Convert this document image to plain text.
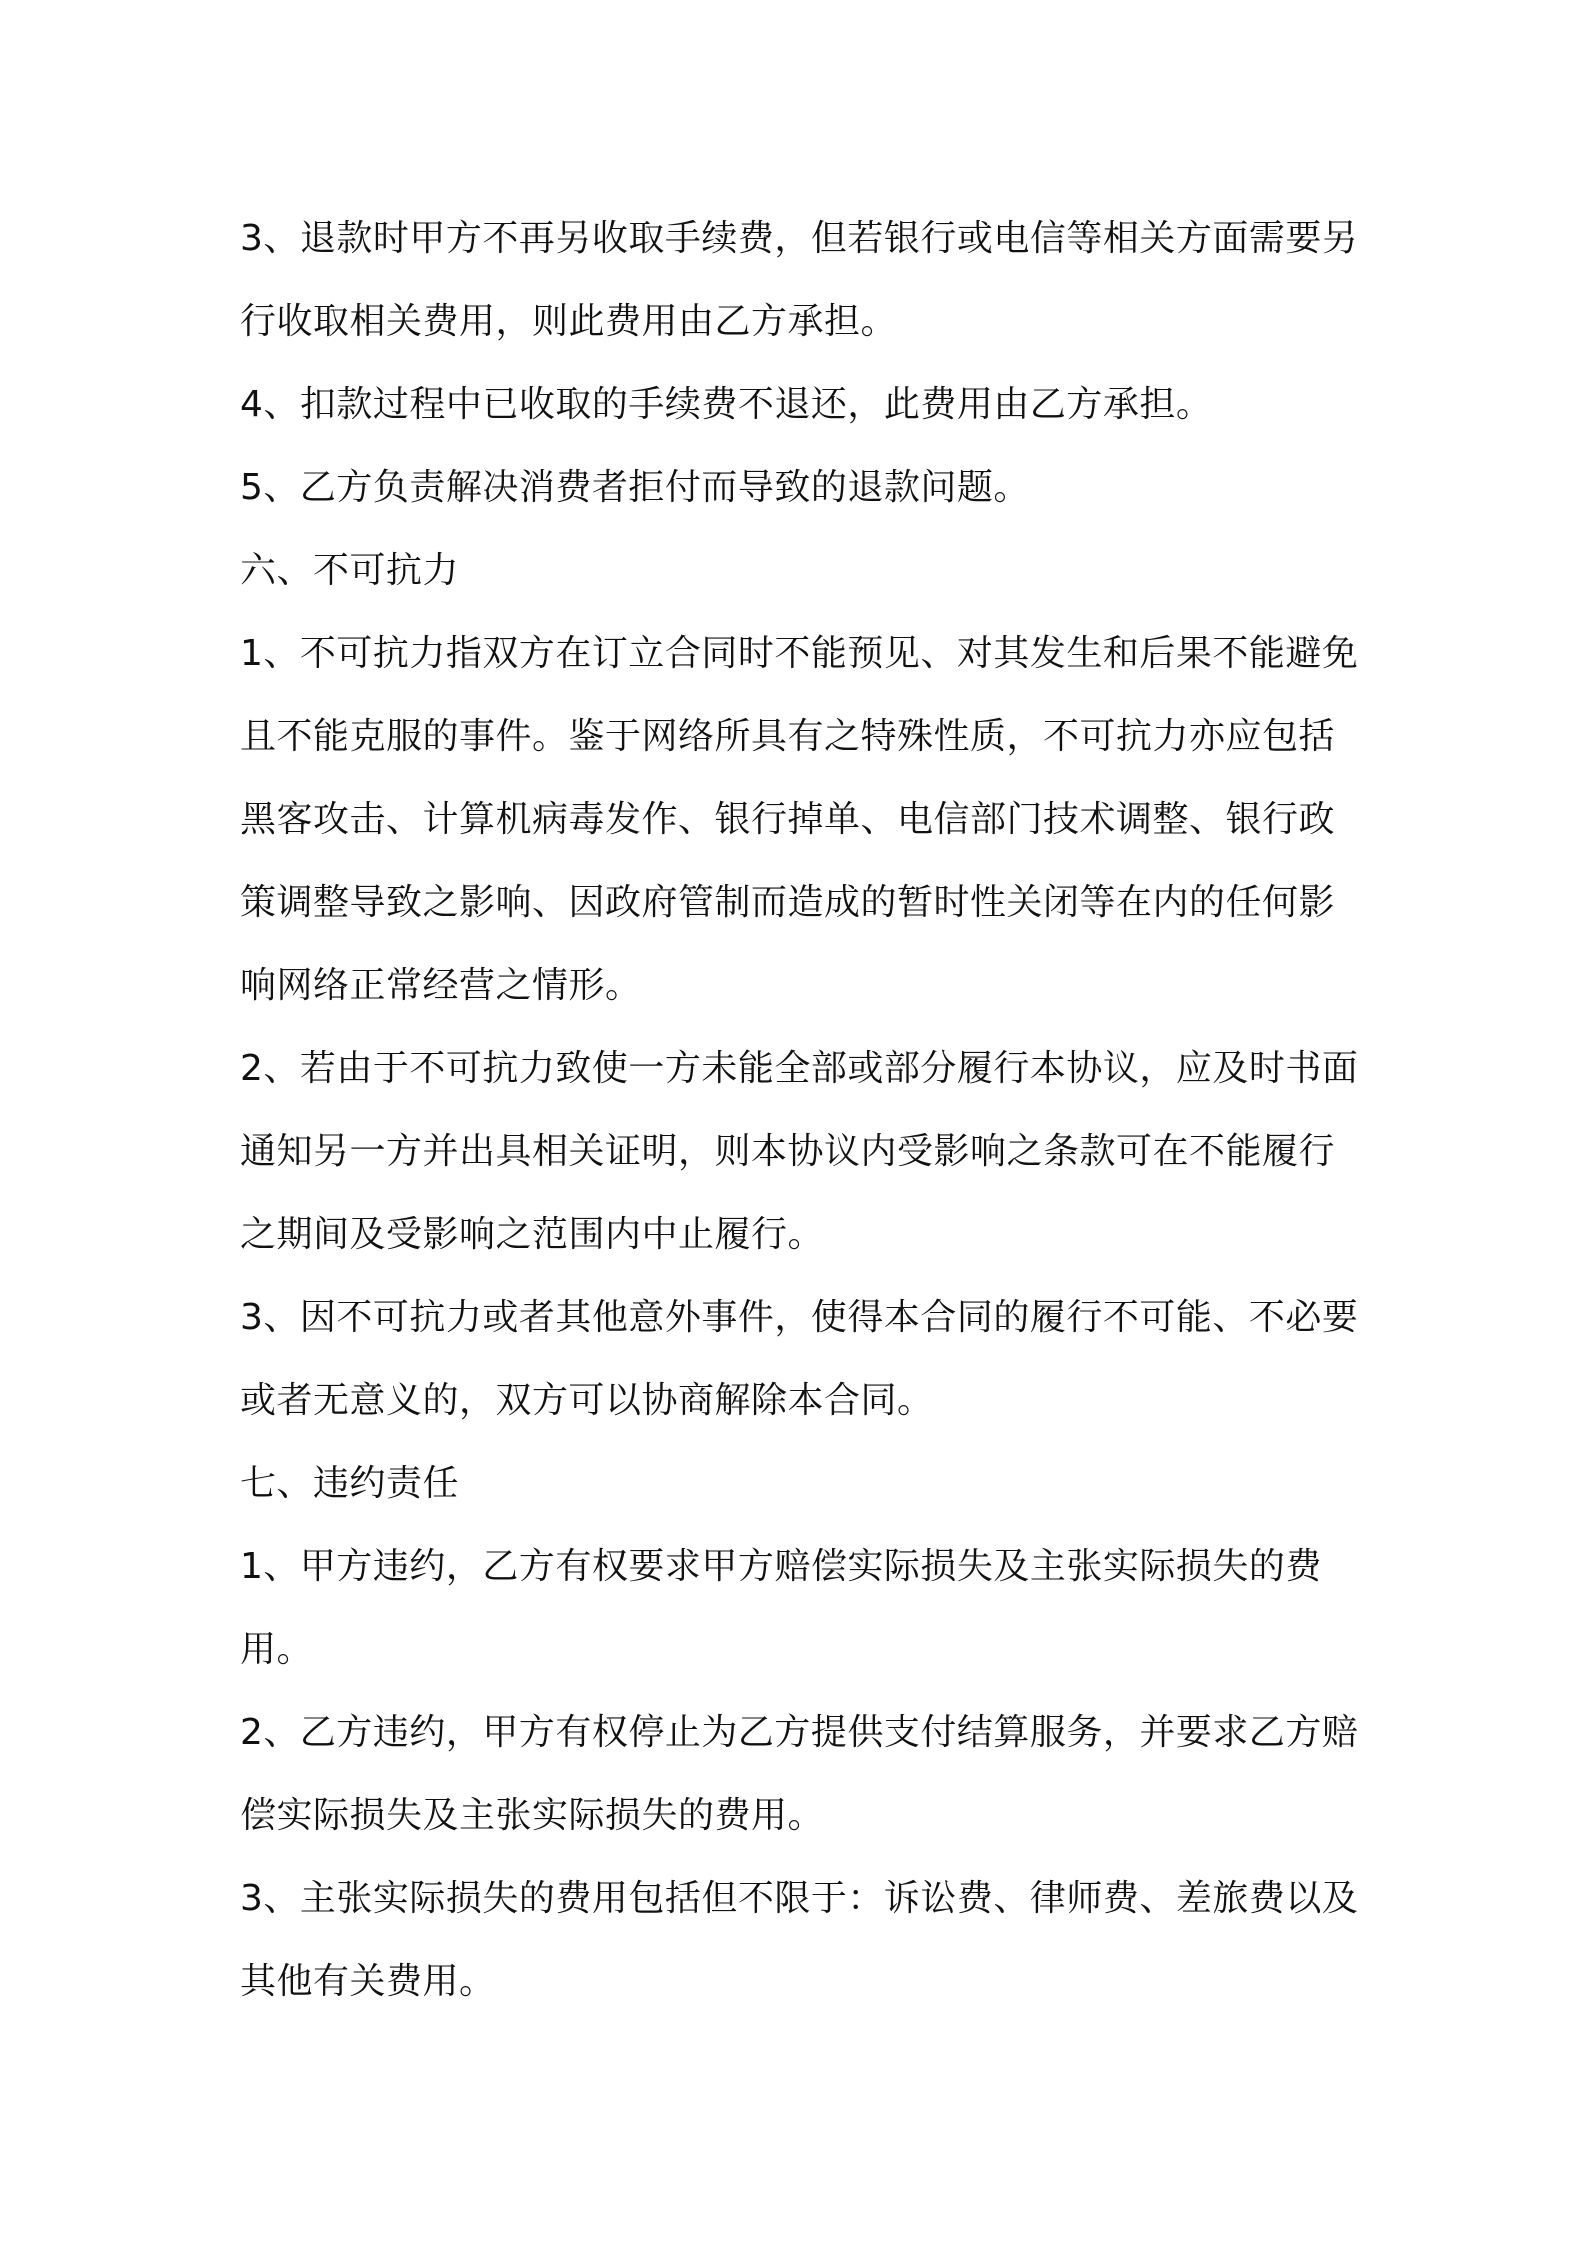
3、退款时甲方不再另收取手续费，但若银行或电信等相关方面需要另行收取相关费用，则此费用由乙方承担。

4、扣款过程中已收取的手续费不退还，此费用由乙方承担。

5、乙方负责解决消费者拒付而导致的退款问题。

六、不可抗力

1、不可抗力指双方在订立合同时不能预见、对其发生和后果不能避免且不能克服的事件。鉴于网络所具有之特殊性质，不可抗力亦应包括黑客攻击、计算机病毒发作、银行掉单、电信部门技术调整、银行政策调整导致之影响、因政府管制而造成的暂时性关闭等在内的任何影响网络正常经营之情形。

2、若由于不可抗力致使一方未能全部或部分履行本协议，应及时书面通知另一方并出具相关证明，则本协议内受影响之条款可在不能履行之期间及受影响之范围内中止履行。

3、因不可抗力或者其他意外事件，使得本合同的履行不可能、不必要或者无意义的，双方可以协商解除本合同。

七、违约责任

1、甲方违约，乙方有权要求甲方赔偿实际损失及主张实际损失的费用。

2、乙方违约，甲方有权停止为乙方提供支付结算服务，并要求乙方赔偿实际损失及主张实际损失的费用。

3、主张实际损失的费用包括但不限于：诉讼费、律师费、差旅费以及其他有关费用。
